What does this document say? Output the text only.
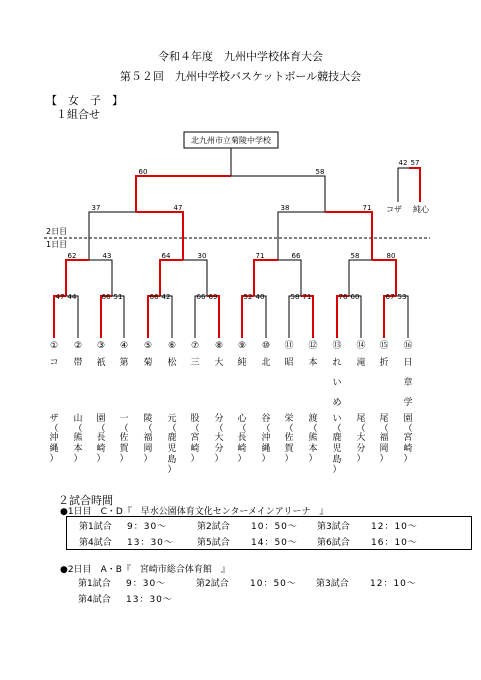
令和４年度　九州中学校体育大会
第５２回　九州中学校バスケットボール競技大会
【　女　子　】
１組合せ
北九州市立菊陵中学校
60	58
37	47	38	71
62	43	64	30	71	66	58	80
47 44	66 51	66 42	66 69	52 40	58 71	76 60	67 53
42 57
2日目
1日目
コザ 純心
①
コ
ザ
（
沖
縄
）
②
帯
山
（
熊
本
）
③
祇
園
（
長
崎
）
④
第
一
（
佐
賀
）
⑤
菊
陵
（
福
岡
）
⑥
松
元
（
鹿
児
島
）
⑦
三
股
（
宮
崎
）
⑧
大
分
（
大
分
）
⑨
純
心
（
長
崎
）
⑩
北
谷
（
沖
縄
）
⑪
昭
栄
（
佐
賀
）
⑫
本
渡
（
熊
本
）
⑬
れ
い
め
い
（
鹿
児
島
）
⑭
滝
尾
（
大
分
）
⑮
折
尾
（
福
岡
）
⑯
日
章
学
園
（
宮
崎
）
２試合時間
●1日目　C・D『　早水公園体育文化センターメインアリーナ　』
第1試合 9：30～	第2試合 10：50～ 第3試合 12：10～
第4試合 13：30～	第5試合 14：50～ 第6試合 16：10～
●2日目　A・B『　宮崎市総合体育館　』
第1試合 9：30～	第2試合 10：50～ 第3試合 12：10～
第4試合 13：30～
